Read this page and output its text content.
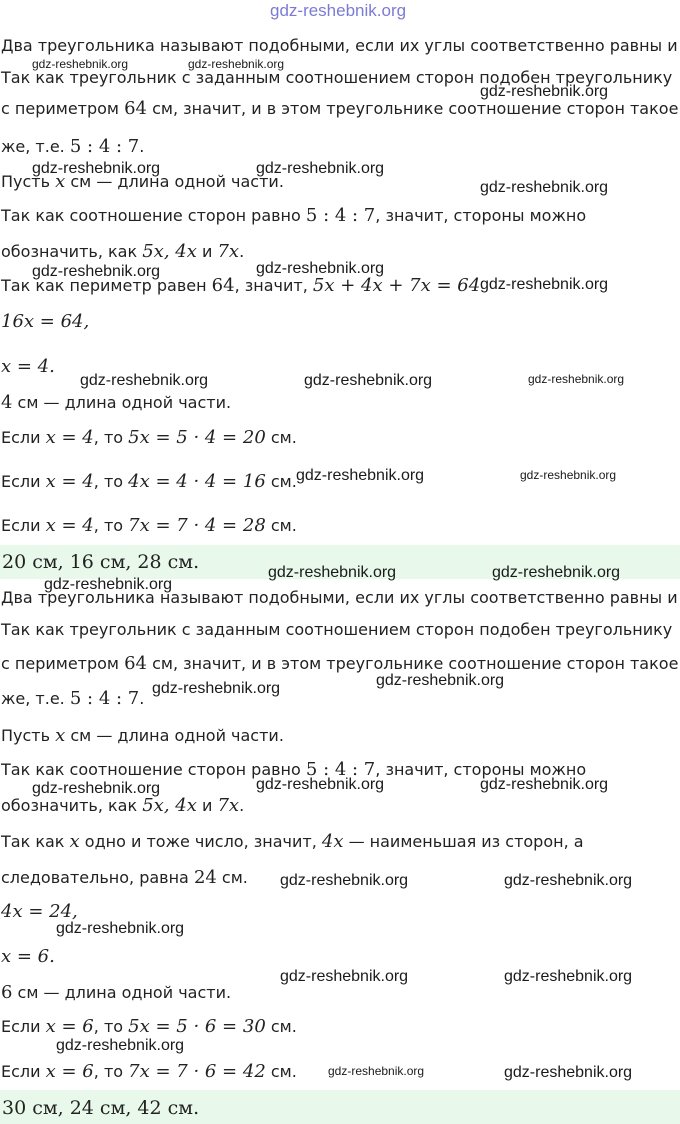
gdz-reshebnik.org
Два треугольника называют подобными, если их углы соответственно равны и
Так как треугольник с заданным соотношением сторон подобен треугольнику
с периметром 64 см, значит, и в этом треугольнике соотношение сторон такое
же, т.е. 5 : 4 : 7.
Пусть x см — длина одной части.
Так как соотношение сторон равно 5 : 4 : 7, значит, стороны можно
обозначить, как 5x, 4x и 7x.
Так как периметр равен 64, значит, 5x + 4x + 7x = 64
16x = 64,
x = 4.
4 см — длина одной части.
Если x = 4, то 5x = 5 · 4 = 20 см.
Если x = 4, то 4x = 4 · 4 = 16 см.
Если x = 4, то 7x = 7 · 4 = 28 см.
20 см, 16 см, 28 см.
Два треугольника называют подобными, если их углы соответственно равны и
Так как треугольник с заданным соотношением сторон подобен треугольнику
с периметром 64 см, значит, и в этом треугольнике соотношение сторон такое
же, т.е. 5 : 4 : 7.
Пусть x см — длина одной части.
Так как соотношение сторон равно 5 : 4 : 7, значит, стороны можно
обозначить, как 5x, 4x и 7x.
Так как x одно и тоже число, значит, 4x — наименьшая из сторон, а
следовательно, равна 24 см.
4x = 24,
x = 6.
6 см — длина одной части.
Если x = 6, то 5x = 5 · 6 = 30 см.
Если x = 6, то 7x = 7 · 6 = 42 см.
30 см, 24 см, 42 см.
gdz-reshebnik.org	gdz-reshebnik.org
gdz-reshebnik.org
gdz-reshebnik.org	gdz-reshebnik.org
gdz-reshebnik.org
gdz-reshebnik.org	gdz-reshebnik.org
gdz-reshebnik.org
gdz-reshebnik.org	gdz-reshebnik.org	gdz-reshebnik.org
gdz-reshebnik.org	gdz-reshebnik.org
gdz-reshebnik.org
gdz-reshebnik.org	gdz-reshebnik.org
gdz-reshebnik.org	gdz-reshebnik.org
gdz-reshebnik.org	gdz-reshebnik.org	gdz-reshebnik.org
gdz-reshebnik.org	gdz-reshebnik.org
gdz-reshebnik.org
gdz-reshebnik.org	gdz-reshebnik.org
gdz-reshebnik.org
gdz-reshebnik.org	gdz-reshebnik.org
